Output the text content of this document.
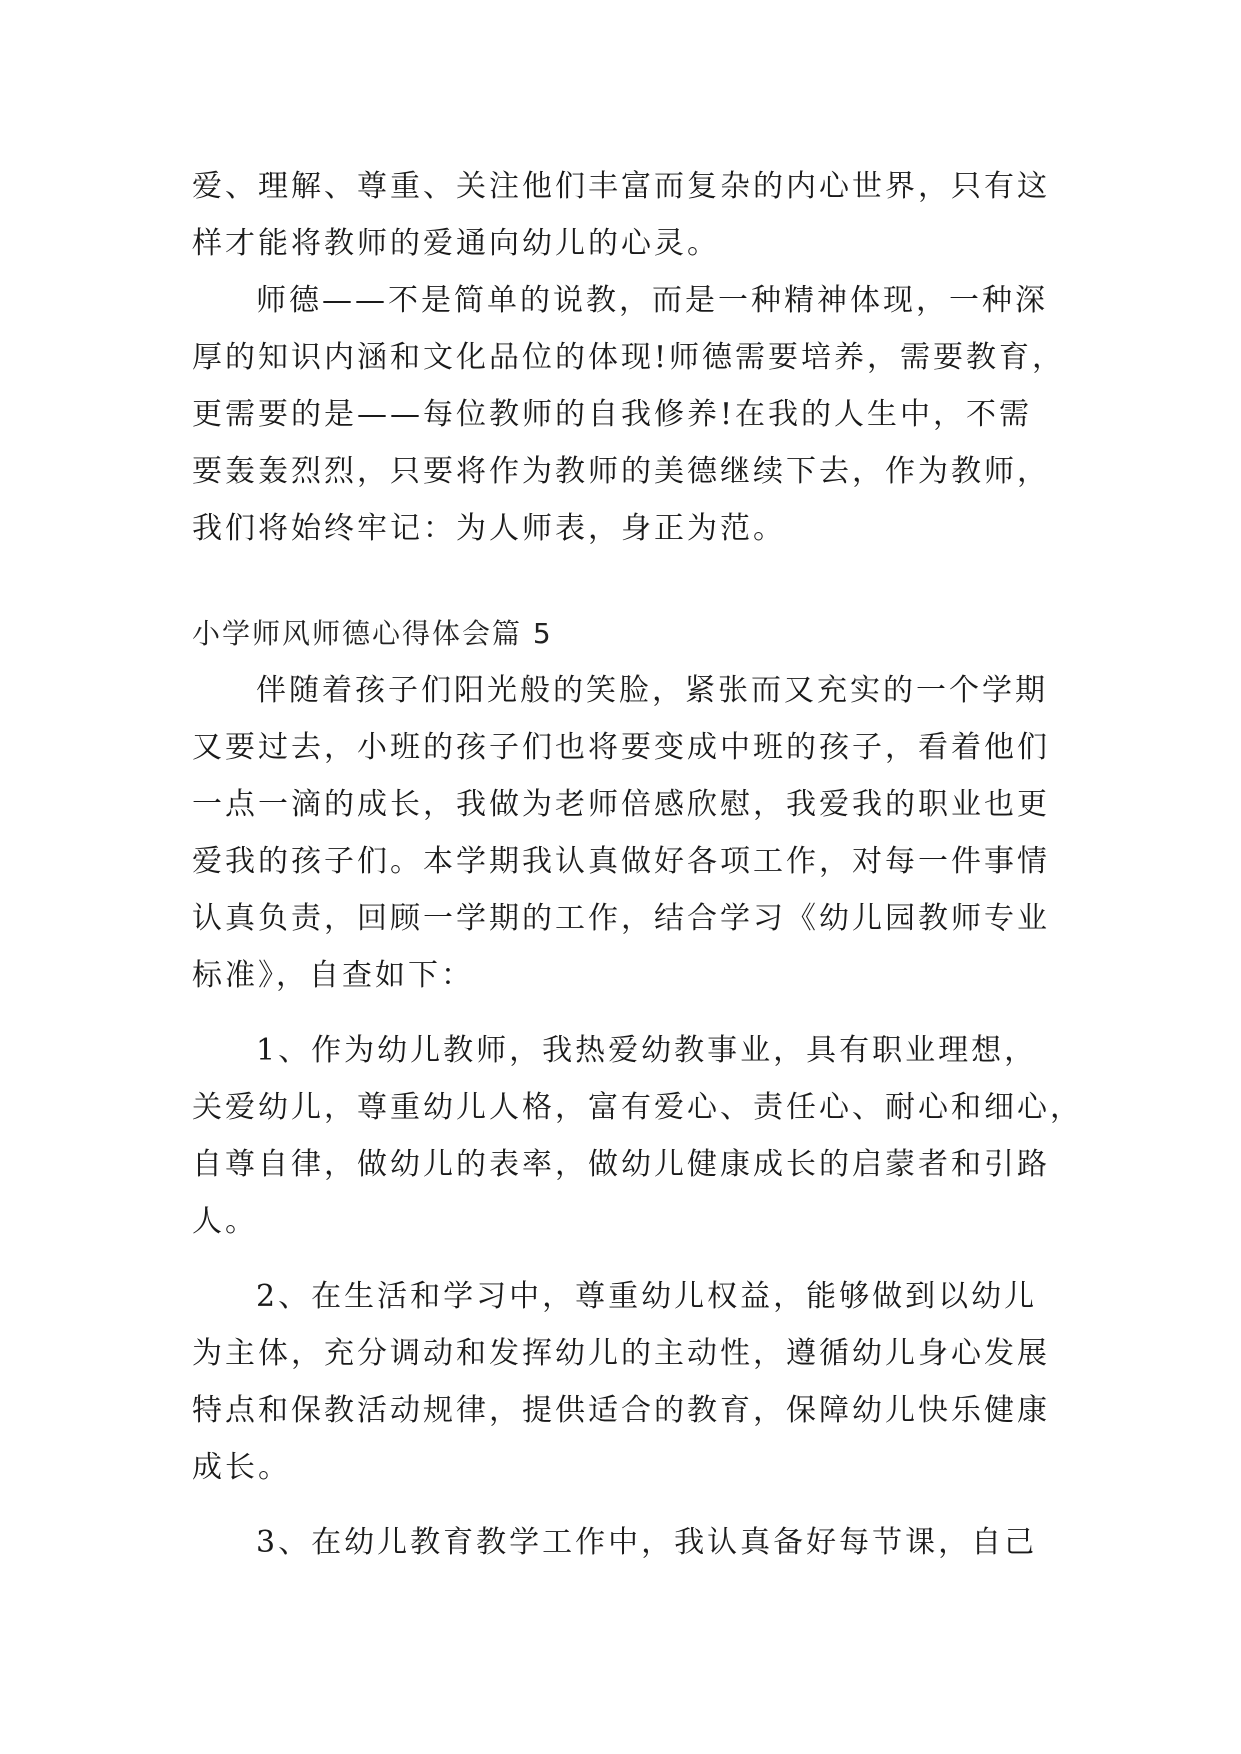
爱、理解、尊重、关注他们丰富而复杂的内心世界，只有这

样才能将教师的爱通向幼儿的心灵。

师德——不是简单的说教，而是一种精神体现，一种深

厚的知识内涵和文化品位的体现!师德需要培养，需要教育，

更需要的是——每位教师的自我修养!在我的人生中，不需

要轰轰烈烈，只要将作为教师的美德继续下去，作为教师，

我们将始终牢记：为人师表，身正为范。

小学师风师德心得体会篇 5

伴随着孩子们阳光般的笑脸，紧张而又充实的一个学期

又要过去，小班的孩子们也将要变成中班的孩子，看着他们

一点一滴的成长，我做为老师倍感欣慰，我爱我的职业也更

爱我的孩子们。本学期我认真做好各项工作，对每一件事情

认真负责，回顾一学期的工作，结合学习《幼儿园教师专业

标准》，自查如下：

1、作为幼儿教师，我热爱幼教事业，具有职业理想，

关爱幼儿，尊重幼儿人格，富有爱心、责任心、耐心和细心，

自尊自律，做幼儿的表率，做幼儿健康成长的启蒙者和引路

人。

2、在生活和学习中，尊重幼儿权益，能够做到以幼儿

为主体，充分调动和发挥幼儿的主动性，遵循幼儿身心发展

特点和保教活动规律，提供适合的教育，保障幼儿快乐健康

成长。

3、在幼儿教育教学工作中，我认真备好每节课，自己
